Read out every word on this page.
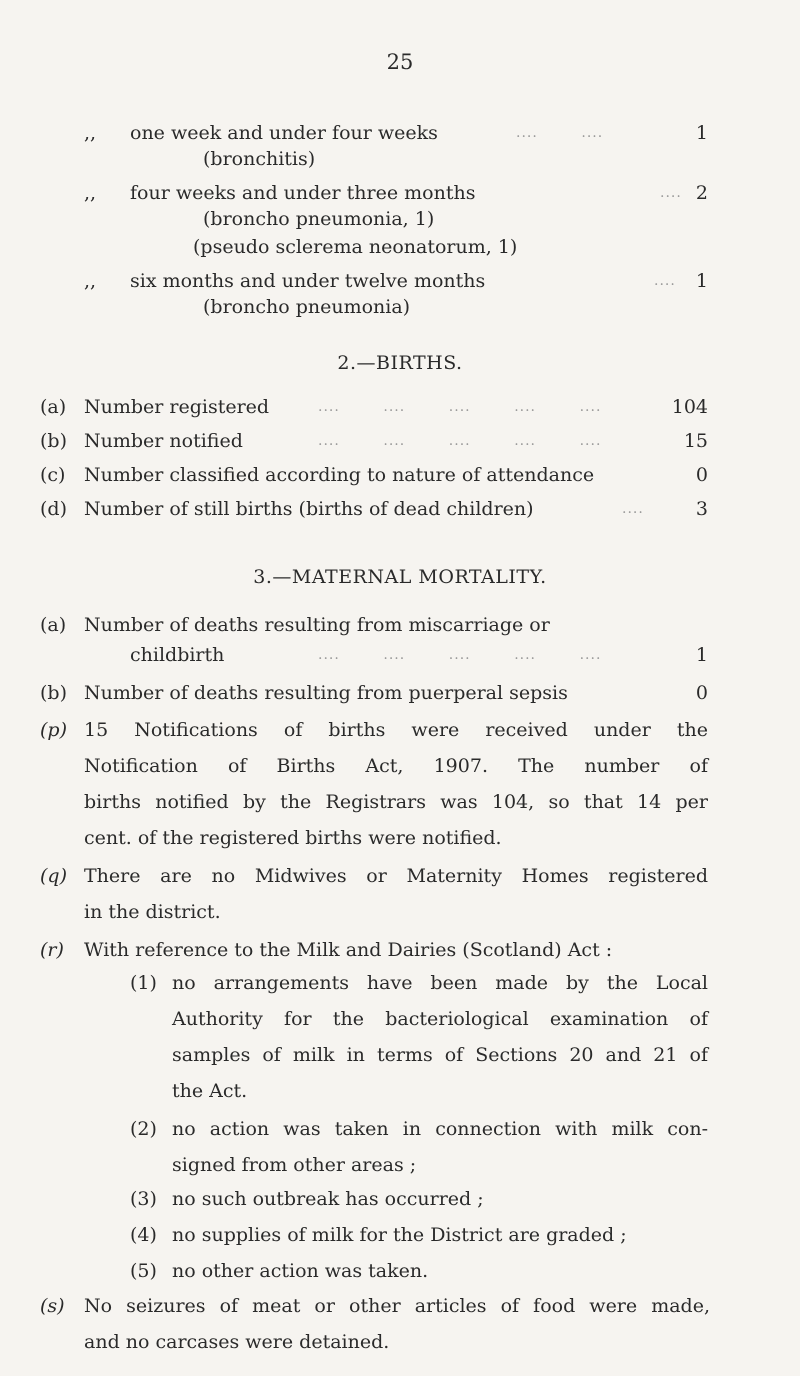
25
,, one week and under four weeks	....        ....	1
(bronchitis)
,, four weeks and under three months	.... 2
(broncho pneumonia, 1)
(pseudo sclerema neonatorum, 1)
,, six months and under twelve months	.... 1
(broncho pneumonia)
2.—BIRTHS.
(a) Number registered	....        ....        ....        ....        ....	104
(b) Number notified	....        ....        ....        ....        ....	15
(c) Number classified according to nature of attendance	0
(d) Number of still births (births of dead children)	....	3
3.—MATERNAL MORTALITY.
(a) Number of deaths resulting from miscarriage or
childbirth	....        ....        ....        ....        ....	1
(b) Number of deaths resulting from puerperal sepsis	0
(p) 15 Notifications of births were received under the
Notification of Births Act, 1907. The number of
births notified by the Registrars was 104, so that 14 per
cent. of the registered births were notified.
(q) There are no Midwives or Maternity Homes registered
in the district.
(r) With reference to the Milk and Dairies (Scotland) Act :
(1) no arrangements have been made by the Local
Authority for the bacteriological examination of
samples of milk in terms of Sections 20 and 21 of
the Act.
(2) no action was taken in connection with milk con-
signed from other areas ;
(3) no such outbreak has occurred ;
(4) no supplies of milk for the District are graded ;
(5) no other action was taken.
(s) No seizures of meat or other articles of food were made,
and no carcases were detained.
